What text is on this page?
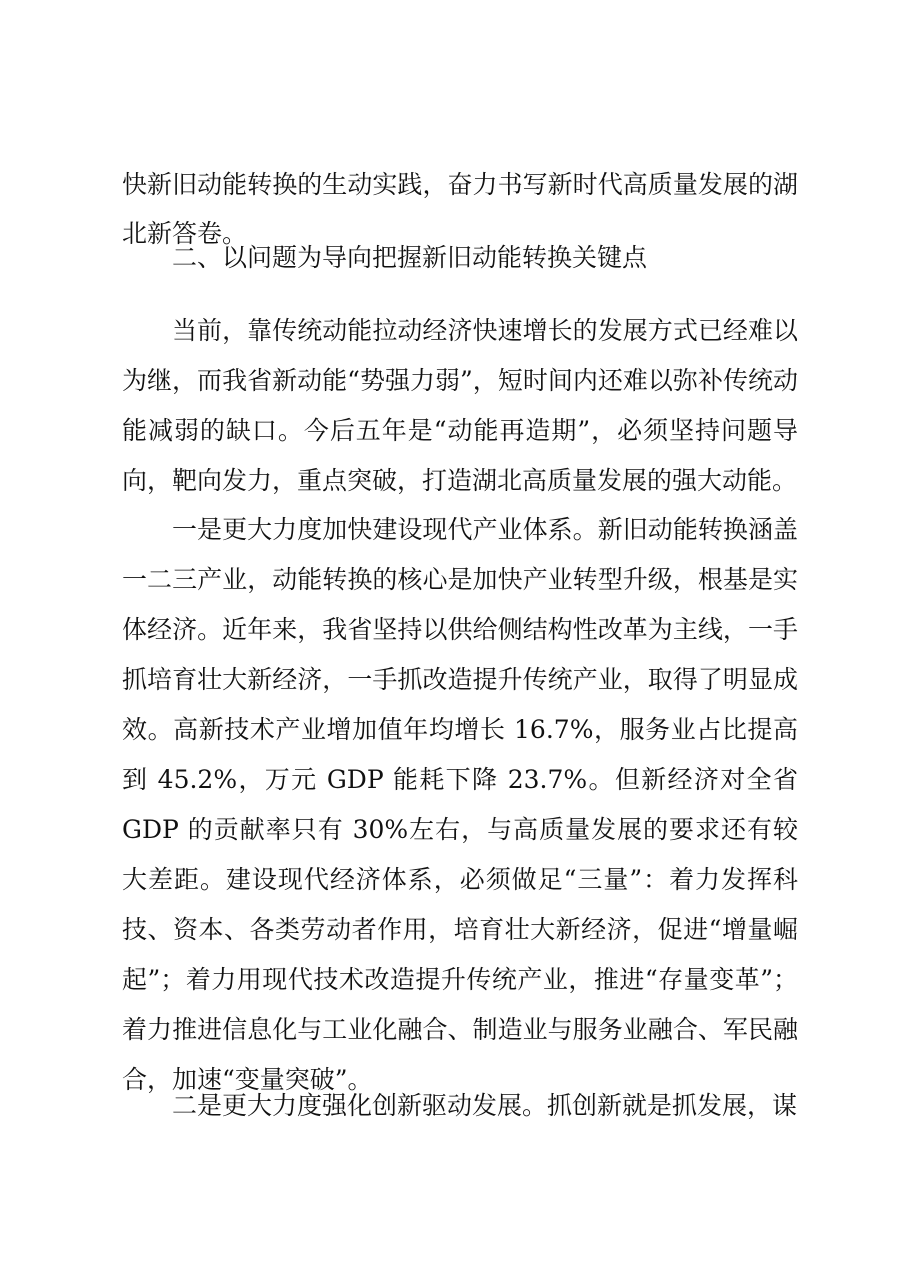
快新旧动能转换的生动实践，奋力书写新时代高质量发展的湖北新答卷。

二、以问题为导向把握新旧动能转换关键点

当前，靠传统动能拉动经济快速增长的发展方式已经难以为继，而我省新动能“势强力弱”，短时间内还难以弥补传统动能减弱的缺口。今后五年是“动能再造期”，必须坚持问题导向，靶向发力，重点突破，打造湖北高质量发展的强大动能。

一是更大力度加快建设现代产业体系。新旧动能转换涵盖一二三产业，动能转换的核心是加快产业转型升级，根基是实体经济。近年来，我省坚持以供给侧结构性改革为主线，一手抓培育壮大新经济，一手抓改造提升传统产业，取得了明显成效。高新技术产业增加值年均增长 16.7%，服务业占比提高到 45.2%，万元 GDP 能耗下降 23.7%。但新经济对全省 GDP 的贡献率只有 30%左右，与高质量发展的要求还有较大差距。建设现代经济体系，必须做足“三量”：着力发挥科技、资本、各类劳动者作用，培育壮大新经济，促进“增量崛起”；着力用现代技术改造提升传统产业，推进“存量变革”；着力推进信息化与工业化融合、制造业与服务业融合、军民融合，加速“变量突破”。

二是更大力度强化创新驱动发展。抓创新就是抓发展，谋
